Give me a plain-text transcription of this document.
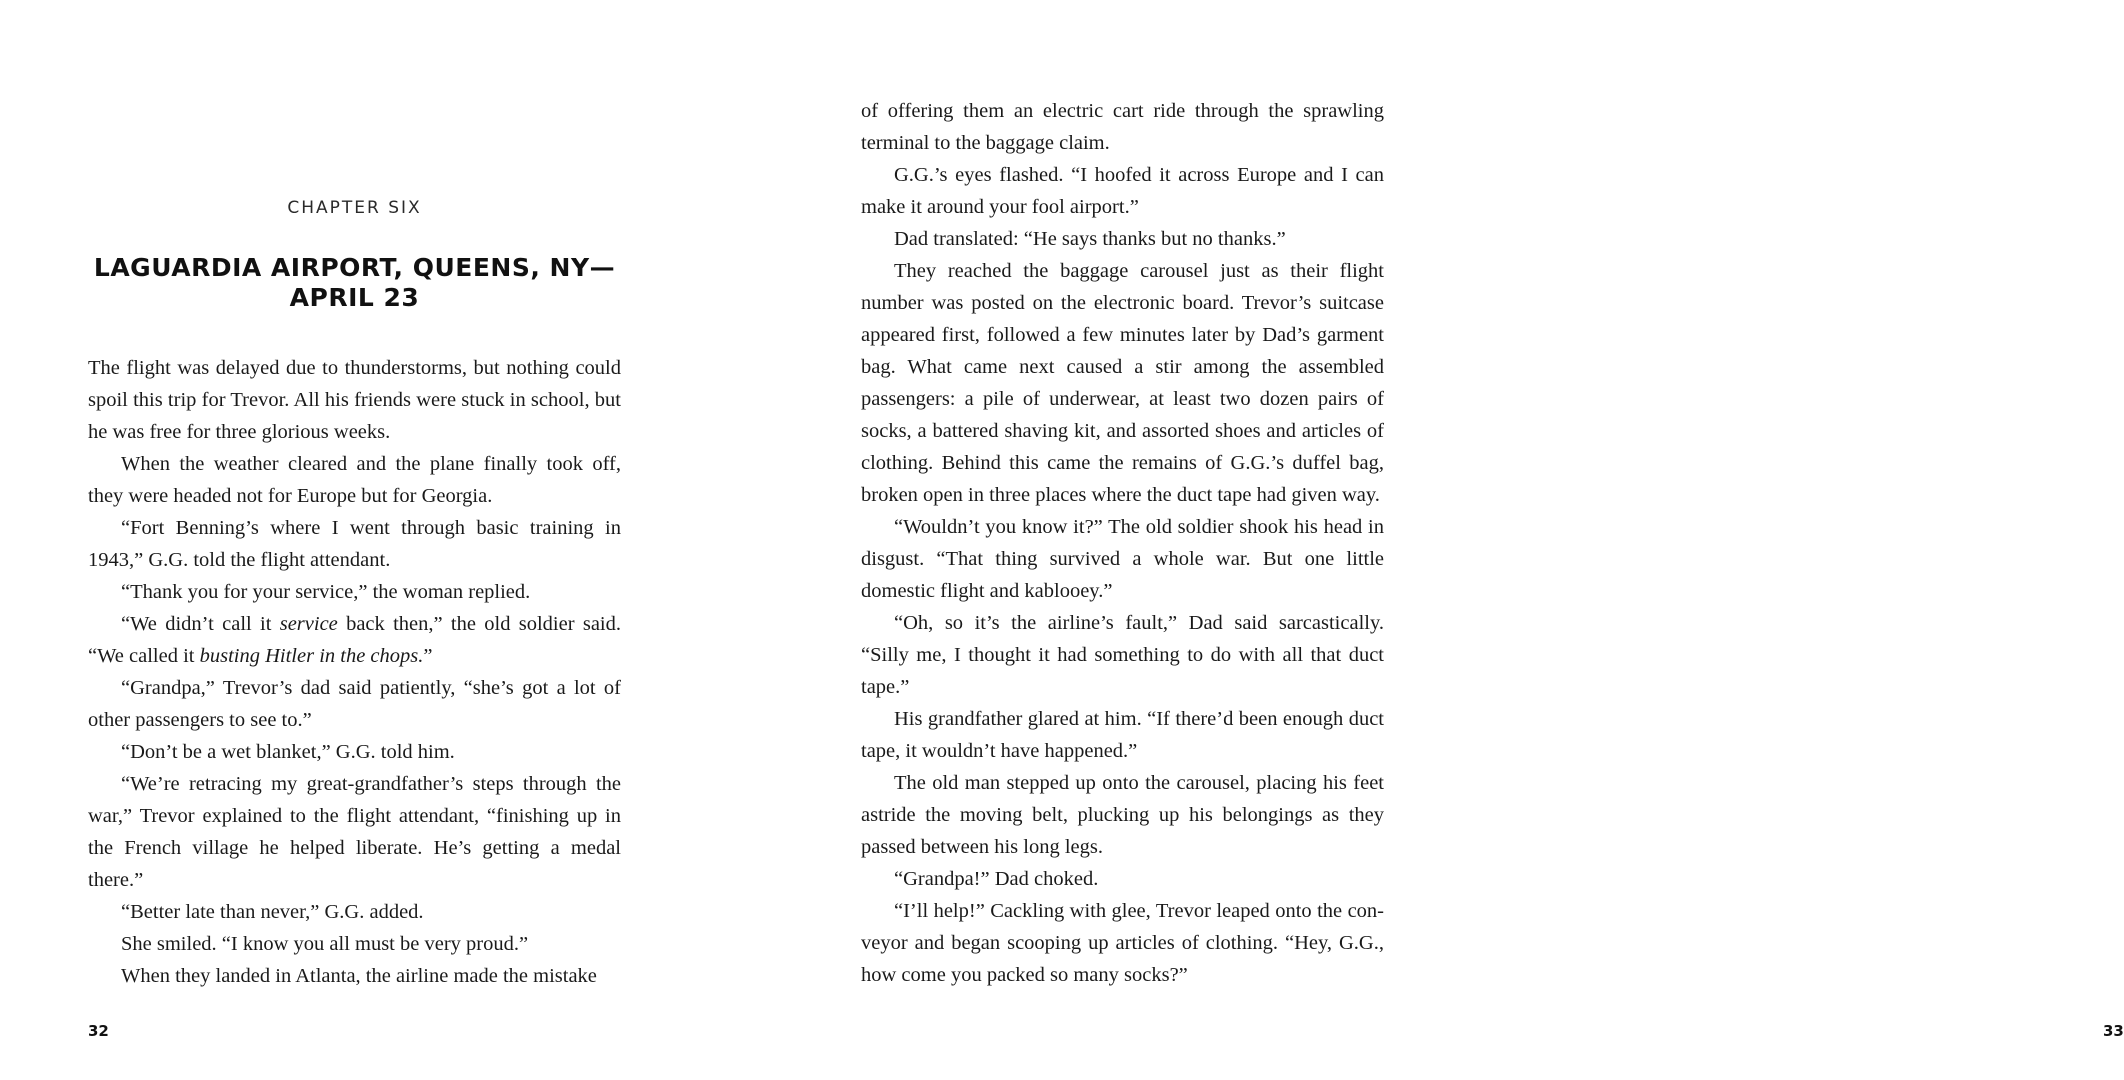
CHAPTER SIX
LAGUARDIA AIRPORT, QUEENS, NY—
APRIL 23

The flight was delayed due to thunderstorms, but nothing could spoil this trip for Trevor. All his friends were stuck in school, but he was free for three glorious weeks.

When the weather cleared and the plane finally took off, they were headed not for Europe but for Georgia.

“Fort Benning’s where I went through basic training in 1943,” G.G. told the flight attendant.

“Thank you for your service,” the woman replied.

“We didn’t call it service back then,” the old soldier said. “We called it busting Hitler in the chops.”

“Grandpa,” Trevor’s dad said patiently, “she’s got a lot of other passengers to see to.”

“Don’t be a wet blanket,” G.G. told him.

“We’re retracing my great-grandfather’s steps through the war,” Trevor explained to the flight attendant, “finishing up in the French village he helped liberate. He’s getting a medal there.”

“Better late than never,” G.G. added.

She smiled. “I know you all must be very proud.”

When they landed in Atlanta, the airline made the mistake

32	33

of offering them an electric cart ride through the sprawling terminal to the baggage claim.

G.G.’s eyes flashed. “I hoofed it across Europe and I can make it around your fool airport.”

Dad translated: “He says thanks but no thanks.”

They reached the baggage carousel just as their flight number was posted on the electronic board. Trevor’s suitcase appeared first, followed a few minutes later by Dad’s garment bag. What came next caused a stir among the assembled passengers: a pile of underwear, at least two dozen pairs of socks, a battered shaving kit, and assorted shoes and articles of clothing. Behind this came the remains of G.G.’s duffel bag, broken open in three places where the duct tape had given way.

“Wouldn’t you know it?” The old soldier shook his head in disgust. “That thing survived a whole war. But one little domestic flight and kablooey.”

“Oh, so it’s the airline’s fault,” Dad said sarcastically. “Silly me, I thought it had something to do with all that duct tape.”

His grandfather glared at him. “If there’d been enough duct tape, it wouldn’t have happened.”

The old man stepped up onto the carousel, placing his feet astride the moving belt, plucking up his belongings as they passed between his long legs.

“Grandpa!” Dad choked.

“I’ll help!” Cackling with glee, Trevor leaped onto the con-veyor and began scooping up articles of clothing. “Hey, G.G., how come you packed so many socks?”
